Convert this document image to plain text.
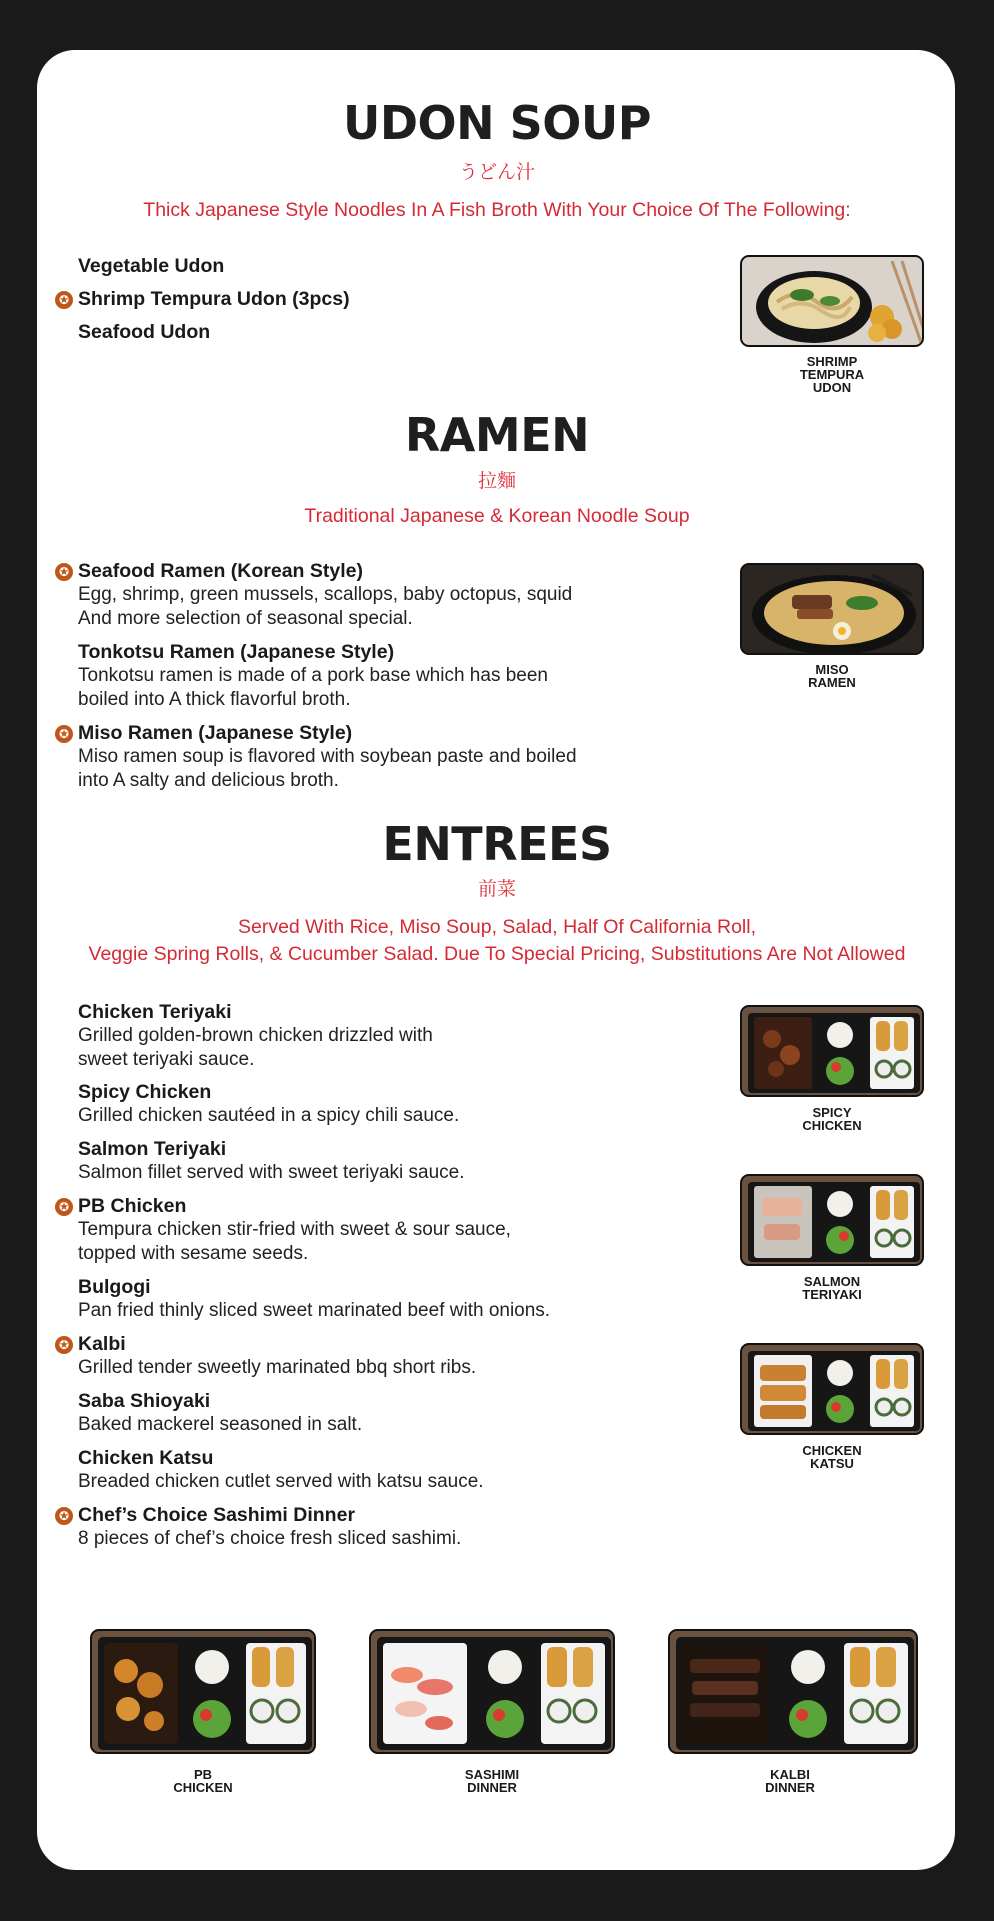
UDON SOUP
うどん汁
Thick Japanese Style Noodles In A Fish Broth With Your Choice Of The Following:
Vegetable Udon
✪ Shrimp Tempura Udon (3pcs)
Seafood Udon
SHRIMP
TEMPURA
UDON
RAMEN
拉麵
Traditional Japanese & Korean Noodle Soup
✪ Seafood Ramen (Korean Style)
Egg, shrimp, green mussels, scallops, baby octopus, squid
And more selection of seasonal special.
Tonkotsu Ramen (Japanese Style)
Tonkotsu ramen is made of a pork base which has been
boiled into A thick flavorful broth.
✪ Miso Ramen (Japanese Style)
Miso ramen soup is flavored with soybean paste and boiled
into A salty and delicious broth.
MISO
RAMEN
ENTREES
前菜
Served With Rice, Miso Soup, Salad, Half Of California Roll,
Veggie Spring Rolls, & Cucumber Salad. Due To Special Pricing, Substitutions Are Not Allowed
Chicken Teriyaki
Grilled golden-brown chicken drizzled with
sweet teriyaki sauce.
Spicy Chicken
Grilled chicken sautéed in a spicy chili sauce.
Salmon Teriyaki
Salmon fillet served with sweet teriyaki sauce.
✪ PB Chicken
Tempura chicken stir-fried with sweet & sour sauce,
topped with sesame seeds.
Bulgogi
Pan fried thinly sliced sweet marinated beef with onions.
✪ Kalbi
Grilled tender sweetly marinated bbq short ribs.
Saba Shioyaki
Baked mackerel seasoned in salt.
Chicken Katsu
Breaded chicken cutlet served with katsu sauce.
✪ Chef’s Choice Sashimi Dinner
8 pieces of chef’s choice fresh sliced sashimi.
SPICY
CHICKEN
SALMON
TERIYAKI
CHICKEN
KATSU
PB
CHICKEN
SASHIMI
DINNER
KALBI
DINNER
